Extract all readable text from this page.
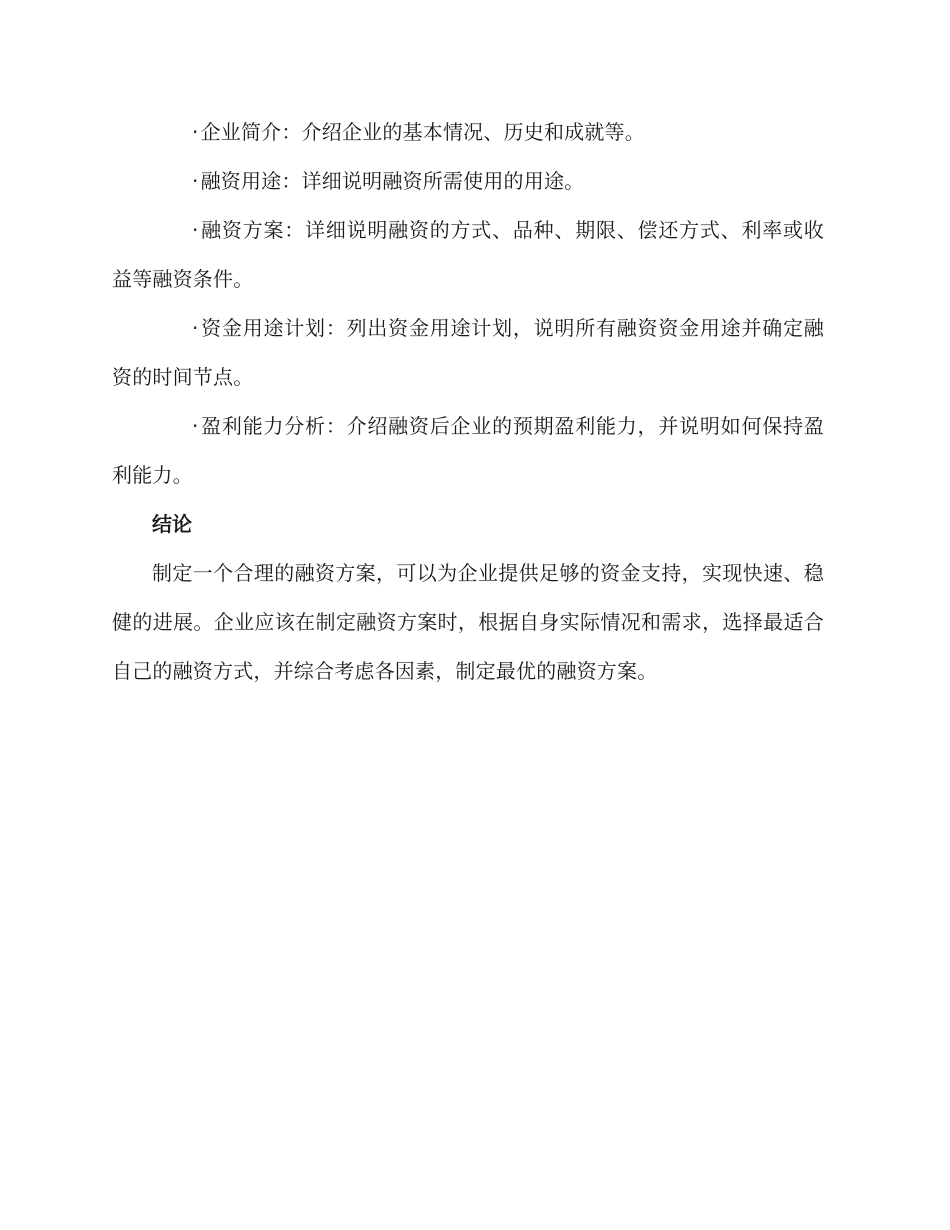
· 企业简介：介绍企业的基本情况、历史和成就等。

· 融资用途：详细说明融资所需使用的用途。

· 融资方案：详细说明融资的方式、品种、期限、偿还方式、利率或收益等融资条件。

· 资金用途计划：列出资金用途计划，说明所有融资资金用途并确定融资的时间节点。

· 盈利能力分析：介绍融资后企业的预期盈利能力，并说明如何保持盈利能力。

结论

制定一个合理的融资方案，可以为企业提供足够的资金支持，实现快速、稳健的进展。企业应该在制定融资方案时，根据自身实际情况和需求，选择最适合自己的融资方式，并综合考虑各因素，制定最优的融资方案。
